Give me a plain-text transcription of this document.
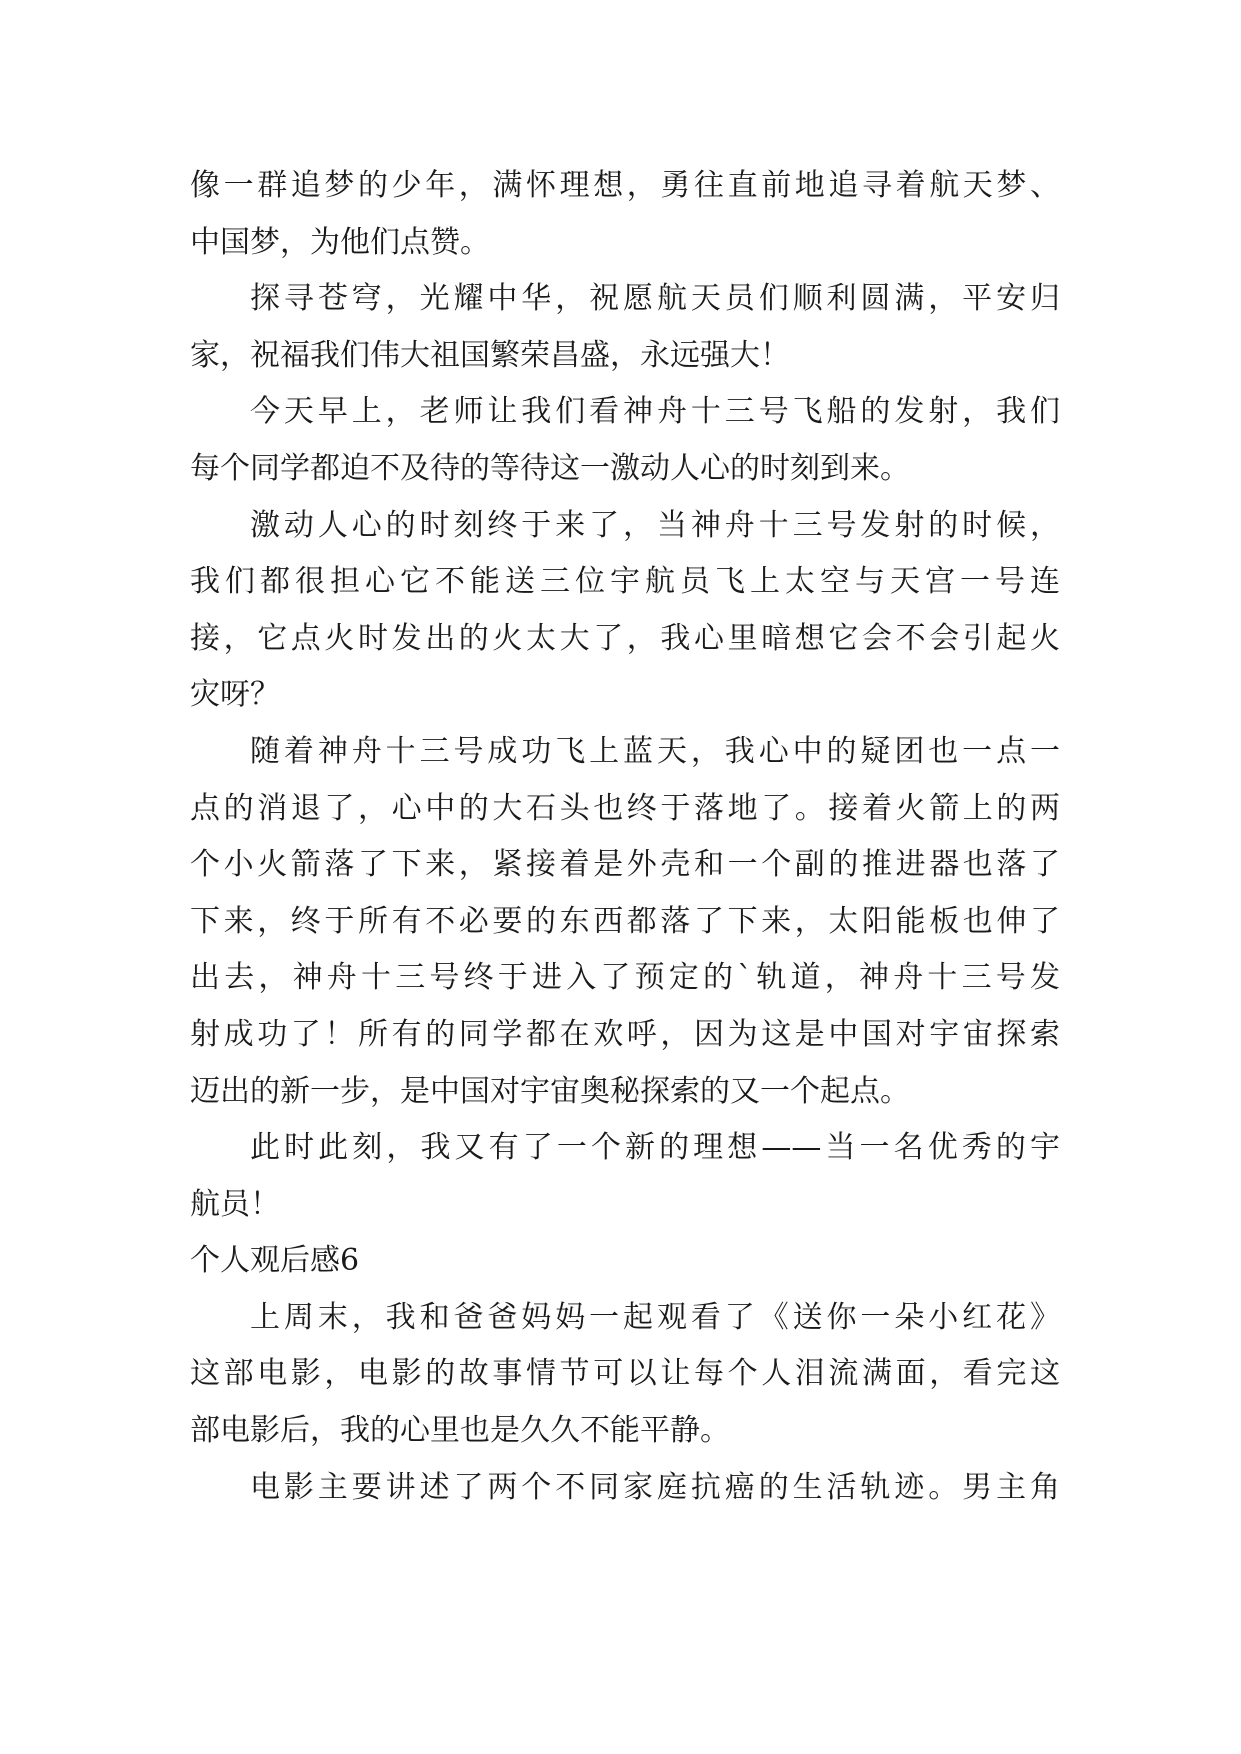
像一群追梦的少年，满怀理想，勇往直前地追寻着航天梦、
中国梦，为他们点赞。
探寻苍穹，光耀中华，祝愿航天员们顺利圆满，平安归
家，祝福我们伟大祖国繁荣昌盛，永远强大！
今天早上，老师让我们看神舟十三号飞船的发射，我们
每个同学都迫不及待的等待这一激动人心的时刻到来。
激动人心的时刻终于来了，当神舟十三号发射的时候，
我们都很担心它不能送三位宇航员飞上太空与天宫一号连
接，它点火时发出的火太大了，我心里暗想它会不会引起火
灾呀？
随着神舟十三号成功飞上蓝天，我心中的疑团也一点一
点的消退了，心中的大石头也终于落地了。接着火箭上的两
个小火箭落了下来，紧接着是外壳和一个副的推进器也落了
下来，终于所有不必要的东西都落了下来，太阳能板也伸了
出去，神舟十三号终于进入了预定的`轨道，神舟十三号发
射成功了！所有的同学都在欢呼，因为这是中国对宇宙探索
迈出的新一步，是中国对宇宙奥秘探索的又一个起点。
此时此刻，我又有了一个新的理想——当一名优秀的宇
航员！
个人观后感6
上周末，我和爸爸妈妈一起观看了《送你一朵小红花》
这部电影，电影的故事情节可以让每个人泪流满面，看完这
部电影后，我的心里也是久久不能平静。
电影主要讲述了两个不同家庭抗癌的生活轨迹。男主角
